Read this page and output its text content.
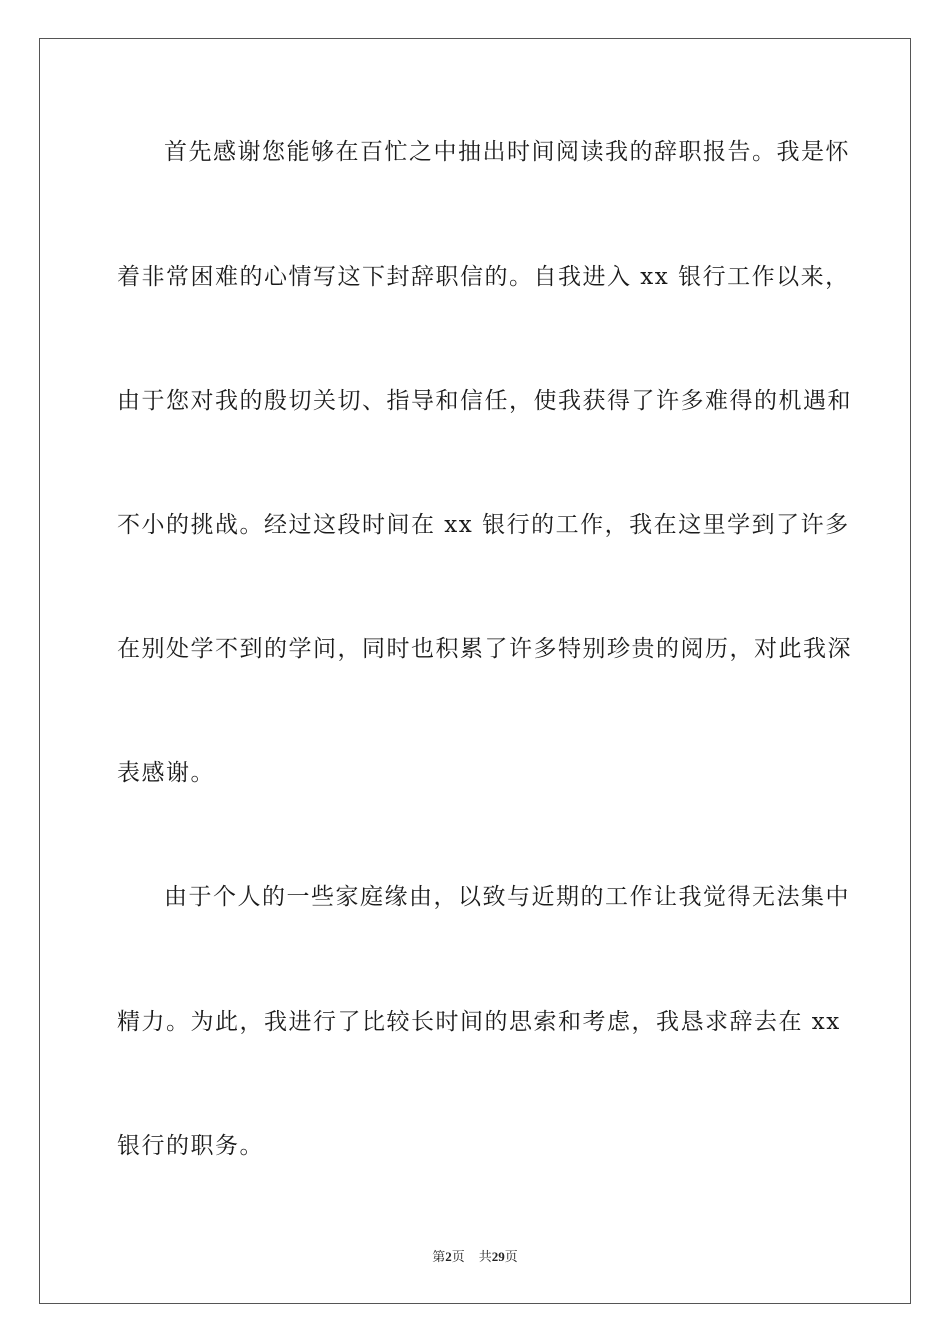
首先感谢您能够在百忙之中抽出时间阅读我的辞职报告。我是怀
着非常困难的心情写这下封辞职信的。自我进入 xx 银行工作以来，
由于您对我的殷切关切、指导和信任，使我获得了许多难得的机遇和
不小的挑战。经过这段时间在 xx 银行的工作，我在这里学到了许多
在别处学不到的学问，同时也积累了许多特别珍贵的阅历，对此我深
表感谢。
由于个人的一些家庭缘由，以致与近期的工作让我觉得无法集中
精力。为此，我进行了比较长时间的思索和考虑，我恳求辞去在 xx
银行的职务。
第2页 共29页
